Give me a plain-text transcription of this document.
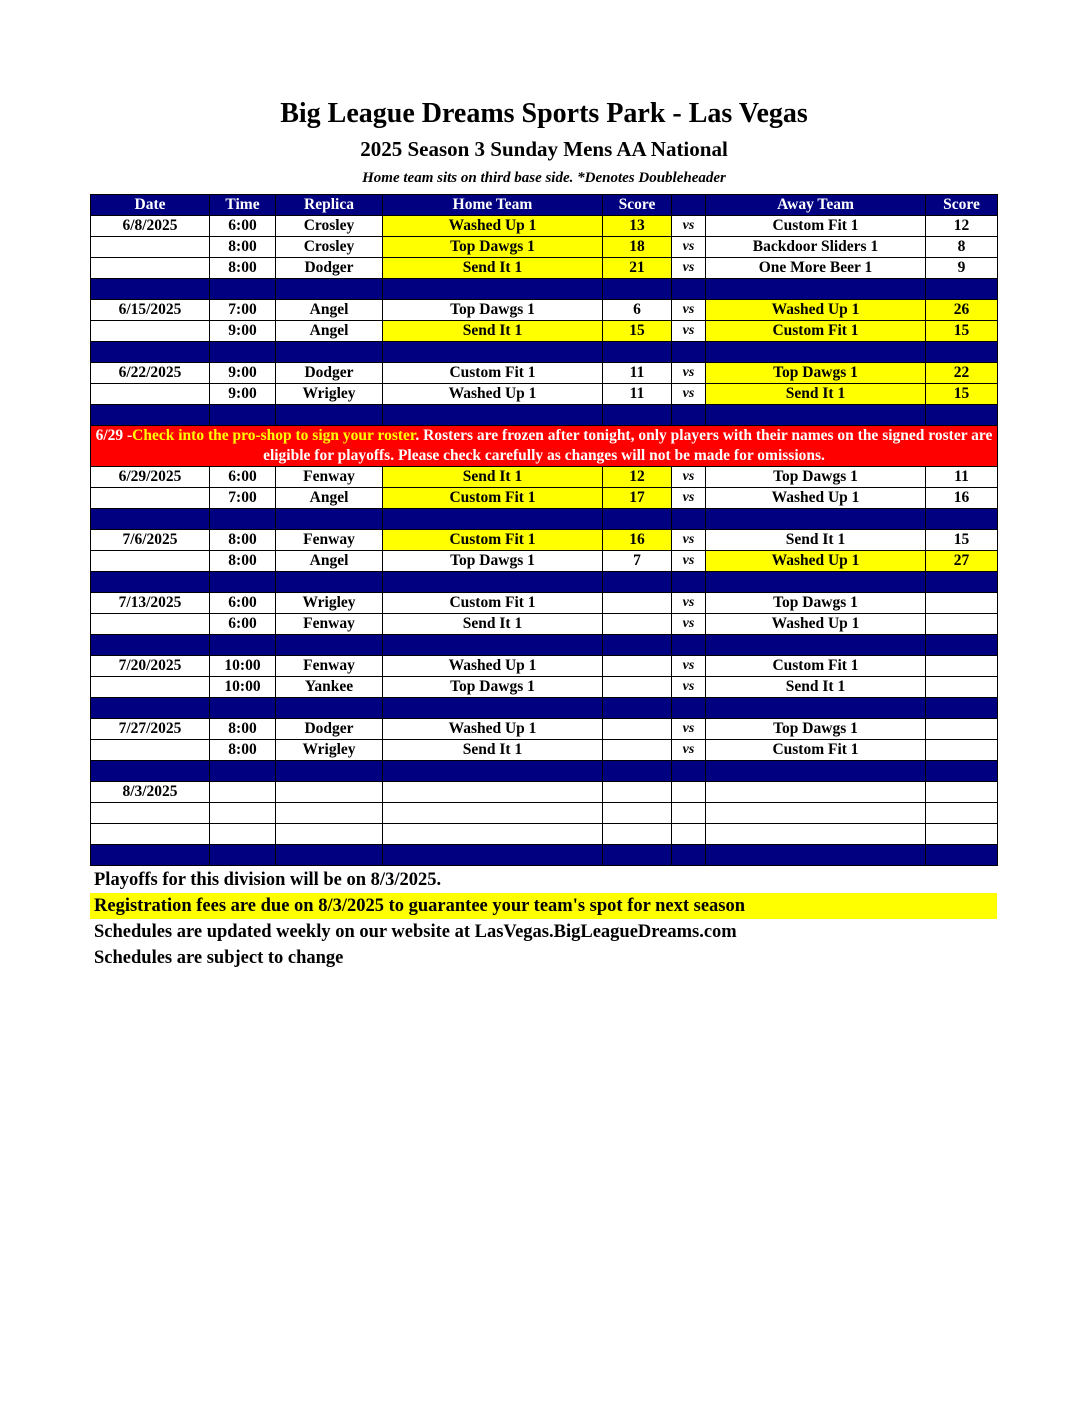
Big League Dreams Sports Park - Las Vegas
2025 Season 3 Sunday Mens AA National
Home team sits on third base side. *Denotes Doubleheader
Date	Time	Replica	Home Team	Score		Away Team	Score
6/8/2025	6:00	Crosley	Washed Up 1	13	vs	Custom Fit 1	12
	8:00	Crosley	Top Dawgs 1	18	vs	Backdoor Sliders 1	8
	8:00	Dodger	Send It 1	21	vs	One More Beer 1	9

6/15/2025	7:00	Angel	Top Dawgs 1	6	vs	Washed Up 1	26
	9:00	Angel	Send It 1	15	vs	Custom Fit 1	15

6/22/2025	9:00	Dodger	Custom Fit 1	11	vs	Top Dawgs 1	22
	9:00	Wrigley	Washed Up 1	11	vs	Send It 1	15

6/29 -Check into the pro-shop to sign your roster. Rosters are frozen after tonight, only players with their names on the signed roster are eligible for playoffs. Please check carefully as changes will not be made for omissions.							
6/29/2025	6:00	Fenway	Send It 1	12	vs	Top Dawgs 1	11
	7:00	Angel	Custom Fit 1	17	vs	Washed Up 1	16

7/6/2025	8:00	Fenway	Custom Fit 1	16	vs	Send It 1	15
	8:00	Angel	Top Dawgs 1	7	vs	Washed Up 1	27

7/13/2025	6:00	Wrigley	Custom Fit 1		vs	Top Dawgs 1	
	6:00	Fenway	Send It 1		vs	Washed Up 1	

7/20/2025	10:00	Fenway	Washed Up 1		vs	Custom Fit 1	
	10:00	Yankee	Top Dawgs 1		vs	Send It 1	

7/27/2025	8:00	Dodger	Washed Up 1		vs	Top Dawgs 1	
	8:00	Wrigley	Send It 1		vs	Custom Fit 1	

8/3/2025							

Playoffs for this division will be on 8/3/2025.
Registration fees are due on 8/3/2025 to guarantee your team's spot for next season
Schedules are updated weekly on our website at LasVegas.BigLeagueDreams.com
Schedules are subject to change
